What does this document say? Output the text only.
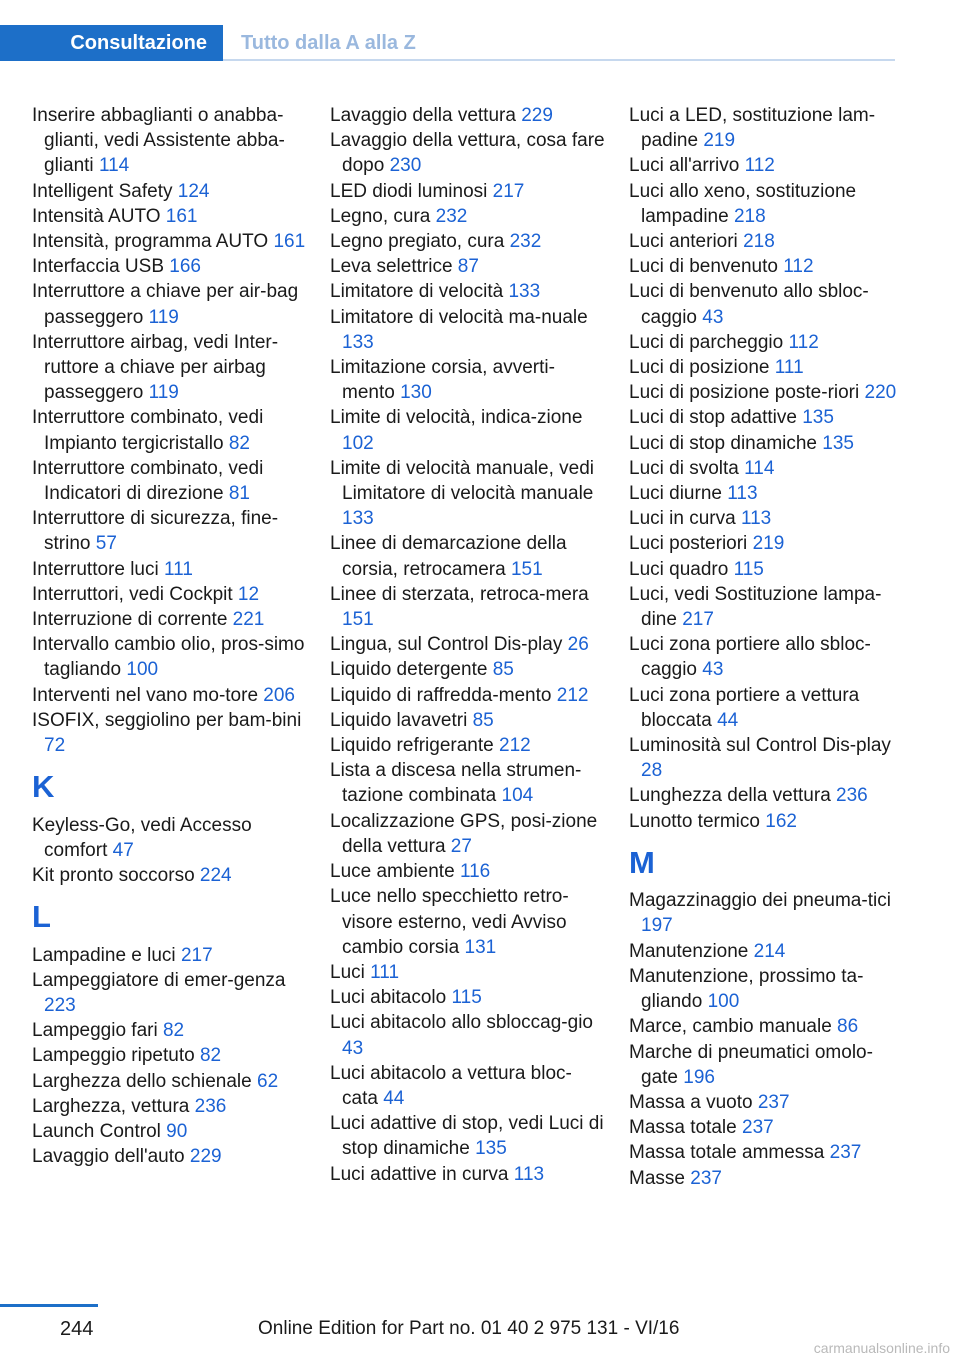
Consultazione	Tutto dalla A alla Z

Inserire abbaglianti o anabba‐glianti, vedi Assistente abba‐glianti 114

Intelligent Safety 124

Intensità AUTO 161

Intensità, programma AUTO 161

Interfaccia USB 166

Interruttore a chiave per air‐bag passeggero 119

Interruttore airbag, vedi Inter‐ruttore a chiave per airbag passeggero 119

Interruttore combinato, vedi Impianto tergicristallo 82

Interruttore combinato, vedi Indicatori di direzione 81

Interruttore di sicurezza, fine‐strino 57

Interruttore luci 111

Interruttori, vedi Cockpit 12

Interruzione di corrente 221

Intervallo cambio olio, pros‐simo tagliando 100

Interventi nel vano mo‐tore 206

ISOFIX, seggiolino per bam‐bini 72

K

Keyless-Go, vedi Accesso comfort 47

Kit pronto soccorso 224

L

Lampadine e luci 217

Lampeggiatore di emer‐genza 223

Lampeggio fari 82

Lampeggio ripetuto 82

Larghezza dello schienale 62

Larghezza, vettura 236

Launch Control 90

Lavaggio dell'auto 229

Lavaggio della vettura 229

Lavaggio della vettura, cosa fare dopo 230

LED diodi luminosi 217

Legno, cura 232

Legno pregiato, cura 232

Leva selettrice 87

Limitatore di velocità 133

Limitatore di velocità ma‐nuale 133

Limitazione corsia, avverti‐mento 130

Limite di velocità, indica‐zione 102

Limite di velocità manuale, vedi Limitatore di velocità manuale 133

Linee di demarcazione della corsia, retrocamera 151

Linee di sterzata, retroca‐mera 151

Lingua, sul Control Dis‐play 26

Liquido detergente 85

Liquido di raffredda‐mento 212

Liquido lavavetri 85

Liquido refrigerante 212

Lista a discesa nella strumen‐tazione combinata 104

Localizzazione GPS, posi‐zione della vettura 27

Luce ambiente 116

Luce nello specchietto retro‐visore esterno, vedi Avviso cambio corsia 131

Luci 111

Luci abitacolo 115

Luci abitacolo allo sbloccag‐gio 43

Luci abitacolo a vettura bloc‐cata 44

Luci adattive di stop, vedi Luci di stop dinamiche 135

Luci adattive in curva 113

Luci a LED, sostituzione lam‐padine 219

Luci all'arrivo 112

Luci allo xeno, sostituzione lampadine 218

Luci anteriori 218

Luci di benvenuto 112

Luci di benvenuto allo sbloc‐caggio 43

Luci di parcheggio 112

Luci di posizione 111

Luci di posizione poste‐riori 220

Luci di stop adattive 135

Luci di stop dinamiche 135

Luci di svolta 114

Luci diurne 113

Luci in curva 113

Luci posteriori 219

Luci quadro 115

Luci, vedi Sostituzione lampa‐dine 217

Luci zona portiere allo sbloc‐caggio 43

Luci zona portiere a vettura bloccata 44

Luminosità sul Control Dis‐play 28

Lunghezza della vettura 236

Lunotto termico 162

M

Magazzinaggio dei pneuma‐tici 197

Manutenzione 214

Manutenzione, prossimo ta‐gliando 100

Marce, cambio manuale 86

Marche di pneumatici omolo‐gate 196

Massa a vuoto 237

Massa totale 237

Massa totale ammessa 237

Masse 237

244	Online Edition for Part no. 01 40 2 975 131 - VI/16
carmanualsonline.info
